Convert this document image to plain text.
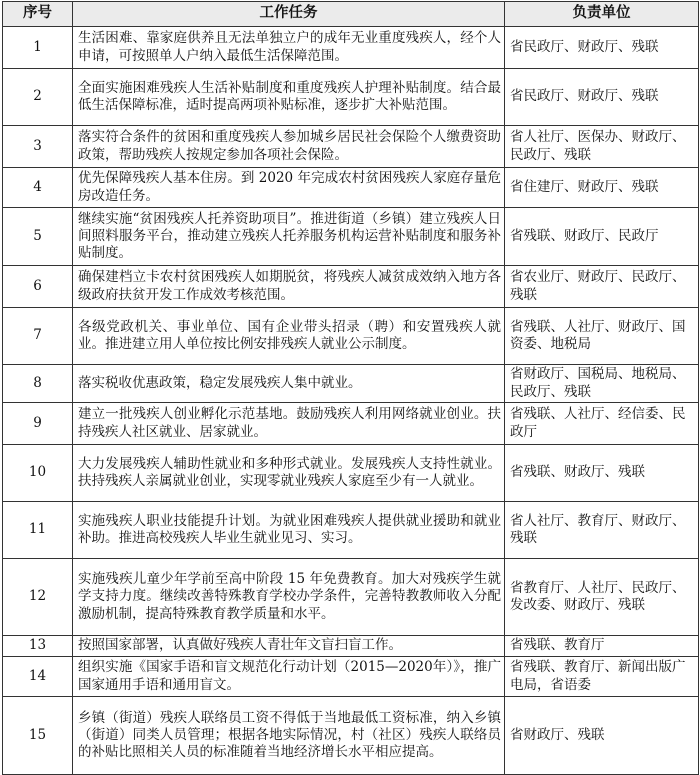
序号	工作任务	负责单位
1	生活困难、靠家庭供养且无法单独立户的成年无业重度残疾人，经个人申请，可按照单人户纳入最低生活保障范围。	省民政厅、财政厅、残联
2	全面实施困难残疾人生活补贴制度和重度残疾人护理补贴制度。结合最低生活保障标准，适时提高两项补贴标准，逐步扩大补贴范围。	省民政厅、财政厅、残联
3	落实符合条件的贫困和重度残疾人参加城乡居民社会保险个人缴费资助政策，帮助残疾人按规定参加各项社会保险。	省人社厅、医保办、财政厅、民政厅、残联
4	优先保障残疾人基本住房。到 2020 年完成农村贫困残疾人家庭存量危房改造任务。	省住建厅、财政厅、残联
5	继续实施“贫困残疾人托养资助项目”。推进街道（乡镇）建立残疾人日间照料服务平台，推动建立残疾人托养服务机构运营补贴制度和服务补贴制度。	省残联、财政厅、民政厅
6	确保建档立卡农村贫困残疾人如期脱贫，将残疾人减贫成效纳入地方各级政府扶贫开发工作成效考核范围。	省农业厅、财政厅、民政厅、残联
7	各级党政机关、事业单位、国有企业带头招录（聘）和安置残疾人就业。推进建立用人单位按比例安排残疾人就业公示制度。	省残联、人社厅、财政厅、国资委、地税局
8	落实税收优惠政策，稳定发展残疾人集中就业。	省财政厅、国税局、地税局、民政厅、残联
9	建立一批残疾人创业孵化示范基地。鼓励残疾人利用网络就业创业。扶持残疾人社区就业、居家就业。	省残联、人社厅、经信委、民政厅
10	大力发展残疾人辅助性就业和多种形式就业。发展残疾人支持性就业。扶持残疾人亲属就业创业，实现零就业残疾人家庭至少有一人就业。	省残联、财政厅、残联
11	实施残疾人职业技能提升计划。为就业困难残疾人提供就业援助和就业补助。推进高校残疾人毕业生就业见习、实习。	省人社厅、教育厅、财政厅、残联
12	实施残疾儿童少年学前至高中阶段 15 年免费教育。加大对残疾学生就学支持力度。继续改善特殊教育学校办学条件，完善特教教师收入分配激励机制，提高特殊教育教学质量和水平。	省教育厅、人社厅、民政厅、发改委、财政厅、残联
13	按照国家部署，认真做好残疾人青壮年文盲扫盲工作。	省残联、教育厅
14	组织实施《国家手语和盲文规范化行动计划（2015—2020年）》，推广国家通用手语和通用盲文。	省残联、教育厅、新闻出版广电局，省语委
15	乡镇（街道）残疾人联络员工资不得低于当地最低工资标准，纳入乡镇（街道）同类人员管理；根据各地实际情况，村（社区）残疾人联络员的补贴比照相关人员的标准随着当地经济增长水平相应提高。	省财政厅、残联
